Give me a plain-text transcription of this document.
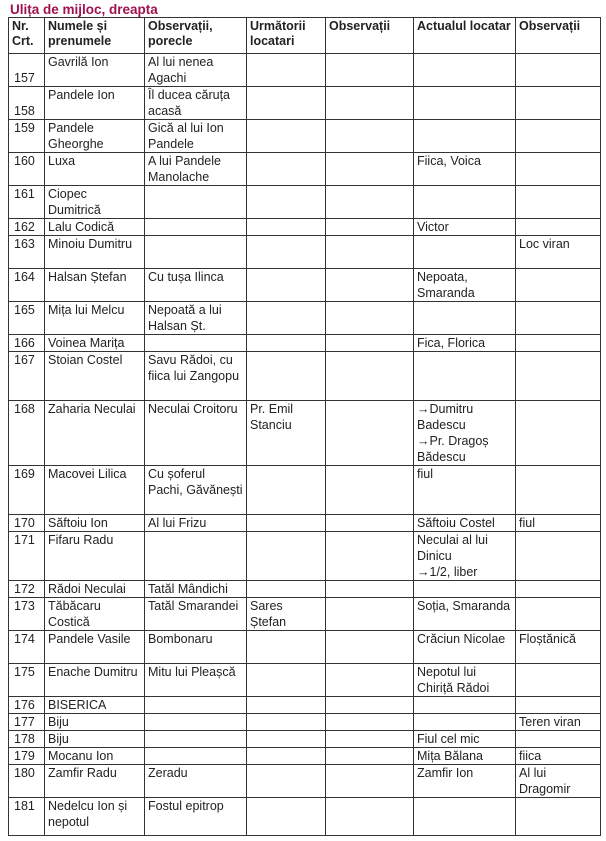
Ulița de mijloc, dreapta
Nr. Crt.	Numele și prenumele	Observații, porecle	Următorii locatari	Observații	Actualul locatar	Observații
157	Gavrilă Ion	Al lui nenea Agachi				
158	Pandele Ion	Îl ducea căruța acasă				
159	Pandele Gheorghe	Gică al lui Ion Pandele				
160	Luxa	A lui Pandele Manolache			Fiica, Voica	
161	Ciopec Dumitrică					
162	Lalu Codică				Victor	
163	Minoiu Dumitru					Loc viran
164	Halsan Ștefan	Cu tușa Ilinca			Nepoata, Smaranda	
165	Mița lui Melcu	Nepoată a lui Halsan Șt.				
166	Voinea Marița				Fica, Florica	
167	Stoian Costel	Savu Rădoi, cu fiica lui Zangopu				
168	Zaharia Neculai	Neculai Croitoru	Pr. Emil Stanciu		→Dumitru Badescu
→Pr. Dragoș Bădescu	
169	Macovei Lilica	Cu șoferul Pachi, Găvănești			fiul	
170	Săftoiu Ion	Al lui Frizu			Săftoiu Costel	fiul
171	Fifaru Radu				Neculai al lui Dinicu
→1/2, liber	
172	Rădoi Neculai	Tatăl Mândichi				
173	Tăbăcaru Costică	Tatăl Smarandei	Sares Ștefan		Soția, Smaranda	
174	Pandele Vasile	Bombonaru			Crăciun Nicolae	Floștănică
175	Enache Dumitru	Mitu lui Pleașcă			Nepotul lui Chiriță Rădoi	
176	BISERICA					
177	Biju					Teren viran
178	Biju				Fiul cel mic	
179	Mocanu Ion				Mița Bălana	fiica
180	Zamfir Radu	Zeradu			Zamfir Ion	Al lui Dragomir
181	Nedelcu Ion și nepotul	Fostul epitrop				
